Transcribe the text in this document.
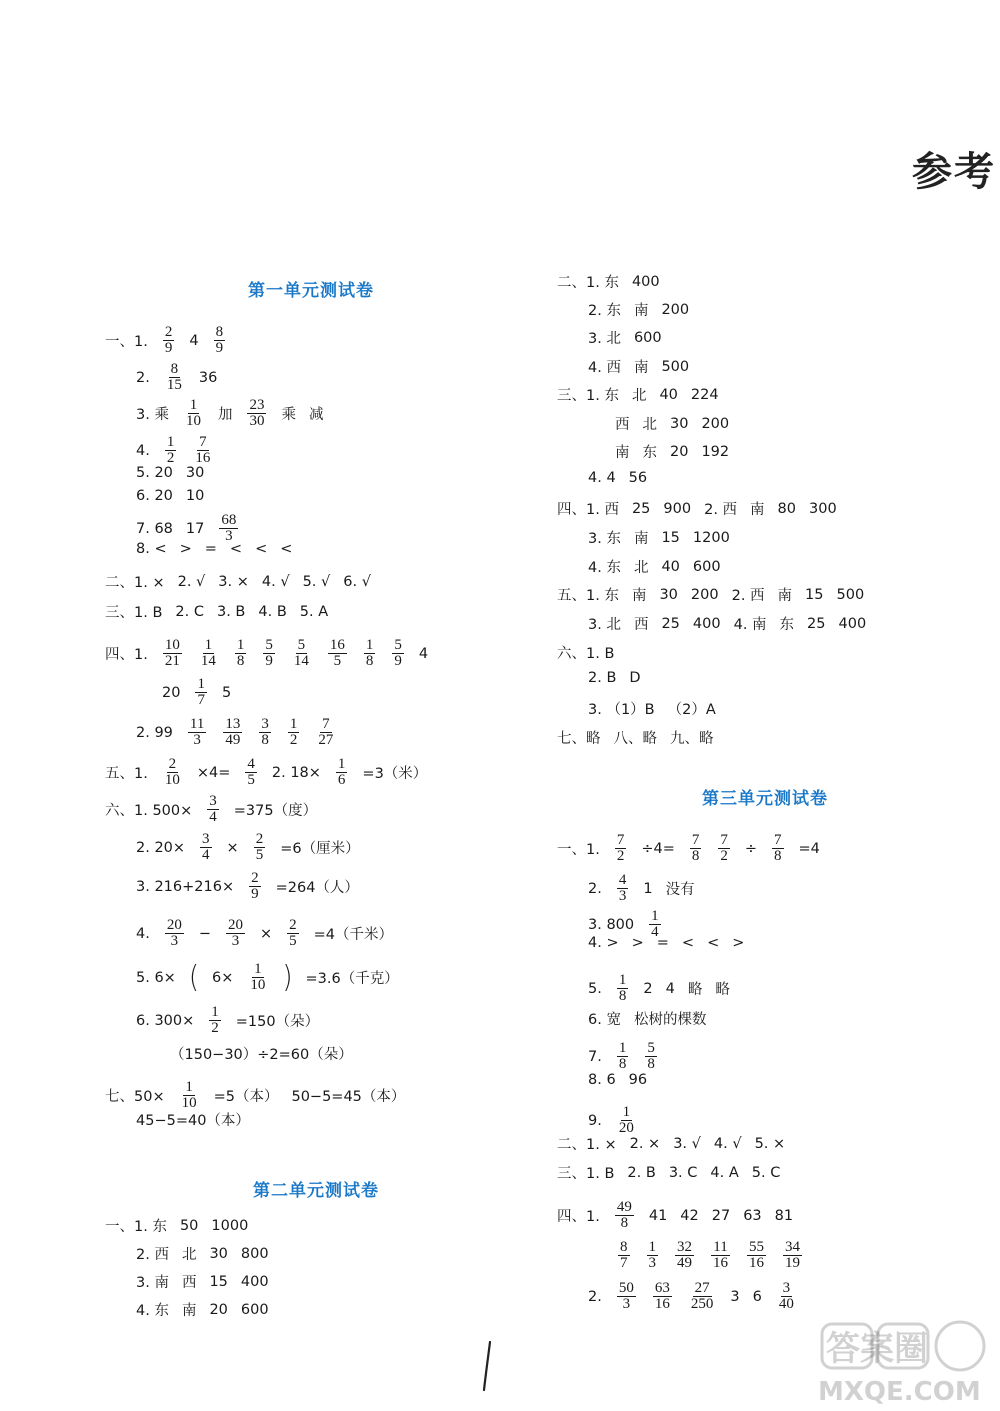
参考
第一单元测试卷
一、1. $\frac{2}{9} 4 \frac{8}{9}$
2. $\frac{8}{15} 36$
3. 乘 $\frac{1}{10}$ 加 $\frac{23}{30}$ 乘 减
4. $\frac{1}{2} \frac{7}{16}$
5. 20 30
6. 20 10
7. 68 $17 \frac{68}{3}$
8. < > = < < <
二、1. × 2. √ 3. × 4. √ 5. √ 6. √
三、1. B 2. C 3. B 4. B 5. A
四、1. $\frac{10}{21} \frac{1}{14} \frac{1}{8} \frac{5}{9} \frac{5}{14} \frac{16}{5} \frac{1}{8} \frac{5}{9} 4$
$20 \frac{1}{7} 5$
2. $99 \frac{11}{3} \frac{13}{49} \frac{3}{8} \frac{1}{2} \frac{7}{27}$
五、1. $\frac{2}{10} \times 4= \frac{4}{5} 2$. $18\times \frac{1}{6} =3$（米）
六、1. $500\times \frac{3}{4} =375$（度）
2. $20\times \frac{3}{4} \times \frac{2}{5} =6$（厘米）
3. $216+216\times \frac{2}{9} =264$（人）
4. $\frac{20}{3} - \frac{20}{3} \times \frac{2}{5} =4$（千米）
5. 6× ( $6\times \frac{1}{10}$ ) =3.6（千克）
6. $300\times \frac{1}{2} =150$（朵）
（150−30）÷2=60（朵）
七、$50\times \frac{1}{10} =5$（本） 50−5=45（本）
45−5=40（本）
第二单元测试卷
一、1. 东 50 1000
2. 西 北 30 800
3. 南 西 15 400
4. 东 南 20 600
二、1. 东 400
2. 东 南 200
3. 北 600
4. 西 南 500
三、1. 东 北 40 224
西 北 30 200
南 东 20 192
4. 4 56
四、1. 西 25 900 2. 西 南 80 300
3. 东 南 15 1200
4. 东 北 40 600
五、1. 东 南 30 200 2. 西 南 15 500
3. 北 西 25 400 4. 南 东 25 400
六、1. B
2. B D
3. （1）B （2）A
七、略 八、略 九、略
第三单元测试卷
一、1. $\frac{7}{2} \div 4= \frac{7}{8} \frac{7}{2} \div \frac{7}{8} =4$
2. $\frac{4}{3} 1$ 没有
3. $800 \frac{1}{4}$
4. > > = < < >
5. $\frac{1}{8} 2$ 4 略 略
6. 宽 松树的棵数
7. $\frac{1}{8} \frac{5}{8}$
8. 6 96
9. $\frac{1}{20}$
二、1. × 2. × 3. √ 4. √ 5. ×
三、1. B 2. B 3. C 4. A 5. C
四、1. $\frac{49}{8} 41$ 42 27 63 81
$\frac{8}{7} \frac{1}{3} \frac{32}{49} \frac{11}{16} \frac{55}{16} \frac{34}{19}$
2. $\frac{50}{3} \frac{63}{16} \frac{27}{250} 3$ $6 \frac{3}{40}$
答案圈
MXQE.COM
